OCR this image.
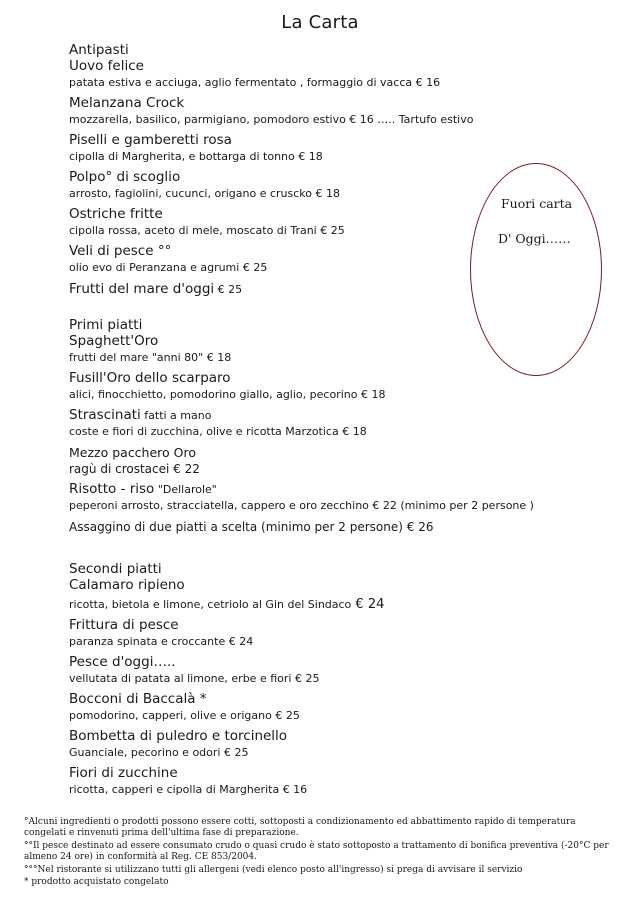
La Carta
Antipasti
Uovo felice
patata estiva e acciuga, aglio fermentato , formaggio di vacca € 16
Melanzana Crock
mozzarella, basilico, parmigiano, pomodoro estivo € 16 ….. Tartufo estivo
Piselli e gamberetti rosa
cipolla di Margherita, e bottarga di tonno € 18
Polpo° di scoglio
arrosto, fagiolini, cucunci, origano e cruscko € 18
Ostriche fritte
cipolla rossa, aceto di mele, moscato di Trani € 25
Veli di pesce °°
olio evo di Peranzana e agrumi € 25
Frutti del mare d'oggi € 25
Primi piatti
Spaghett'Oro
frutti del mare "anni 80" € 18
Fusill'Oro dello scarparo
alici, finocchietto, pomodorino giallo, aglio, pecorino € 18
Strascinati fatti a mano
coste e fiori di zucchina, olive e ricotta Marzotica € 18
Mezzo pacchero Oro
ragù di crostacei € 22
Risotto - riso "Dellarole"
peperoni arrosto, stracciatella, cappero e oro zecchino € 22 (minimo per 2 persone )
Assaggino di due piatti a scelta (minimo per 2 persone) € 26
Secondi piatti
Calamaro ripieno
ricotta, bietola e limone, cetriolo al Gin del Sindaco € 24
Frittura di pesce
paranza spinata e croccante € 24
Pesce d'oggi…..
vellutata di patata al limone, erbe e fiori € 25
Bocconi di Baccalà *
pomodorino, capperi, olive e origano € 25
Bombetta di puledro e torcinello
Guanciale, pecorino e odori € 25
Fiori di zucchine
ricotta, capperi e cipolla di Margherita € 16
Fuori carta
D' Oggi……

°Alcuni ingredienti o prodotti possono essere cotti, sottoposti a condizionamento ed abbattimento rapido di temperatura congelati e rinvenuti prima dell'ultima fase di preparazione.

°°Il pesce destinato ad essere consumato crudo o quasi crudo è stato sottoposto a trattamento di bonifica preventiva (-20°C per almeno 24 ore) in conformità al Reg. CE 853/2004.

°°°Nel ristorante si utilizzano tutti gli allergeni (vedi elenco posto all'ingresso) si prega di avvisare il servizio

* prodotto acquistato congelato
